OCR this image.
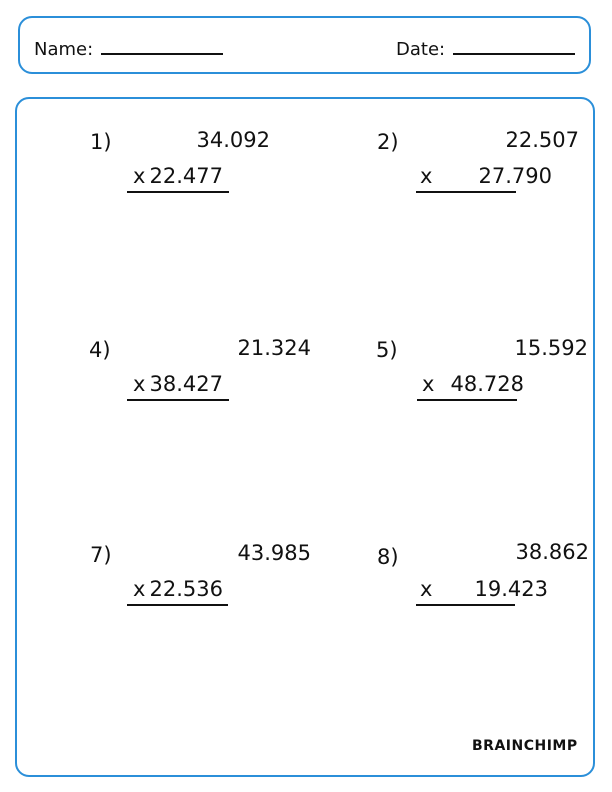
Name:	Date:
1)	34.092
x 22.477
2)	22.507
x 27.790
4)	21.324
x 38.427
5)	15.592
x 48.728
7)	43.985
x 22.536
8)	38.862
x 19.423
BRAINCHIMP
